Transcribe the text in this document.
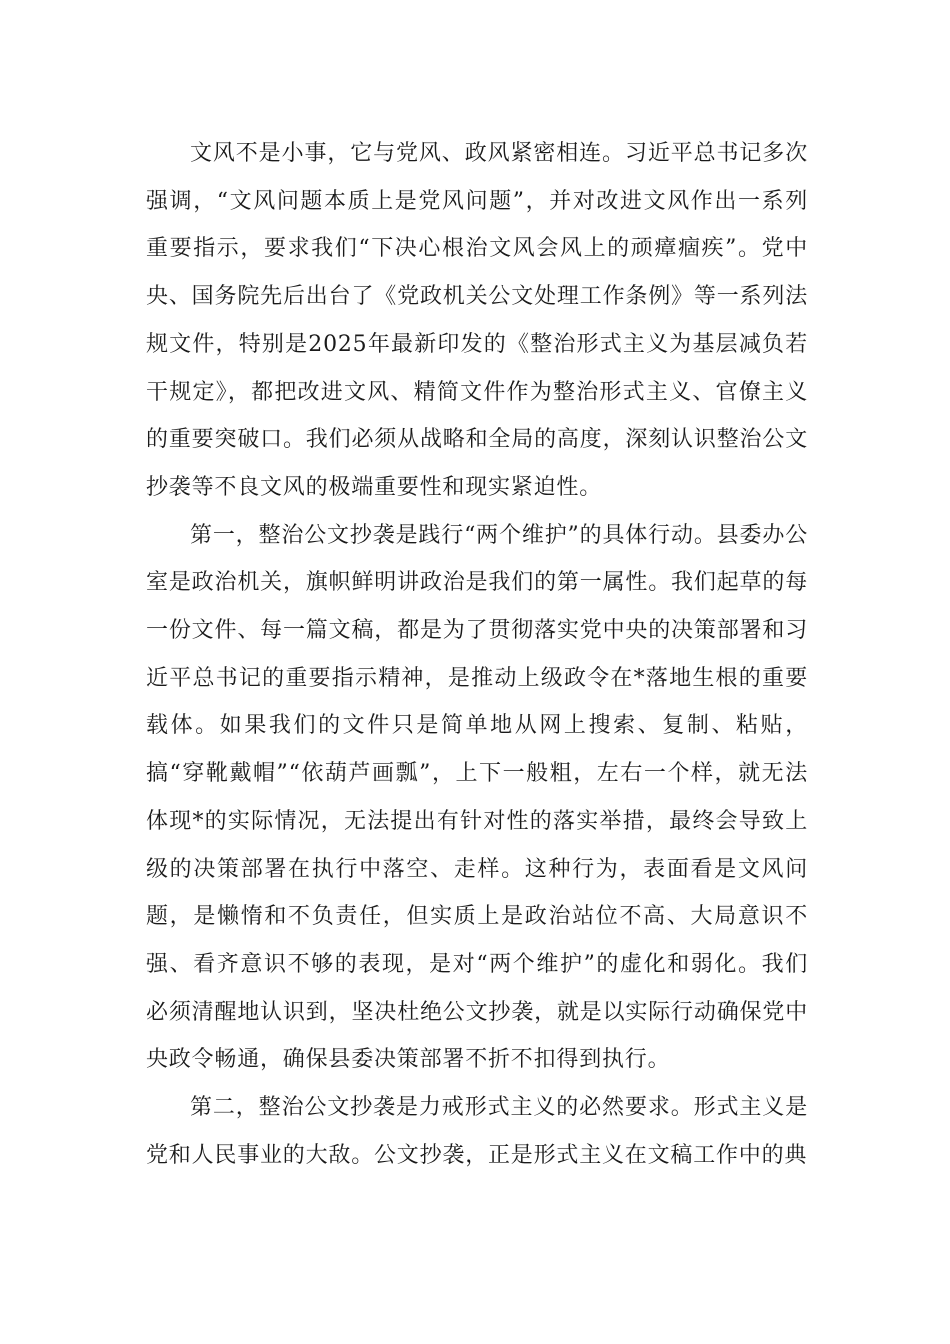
文风不是小事，它与党风、政风紧密相连。习近平总书记多次强调，“文风问题本质上是党风问题”，并对改进文风作出一系列重要指示，要求我们“下决心根治文风会风上的顽瘴痼疾”。党中央、国务院先后出台了《党政机关公文处理工作条例》等一系列法规文件，特别是2025年最新印发的《整治形式主义为基层减负若干规定》，都把改进文风、精简文件作为整治形式主义、官僚主义的重要突破口。我们必须从战略和全局的高度，深刻认识整治公文抄袭等不良文风的极端重要性和现实紧迫性。

第一，整治公文抄袭是践行“两个维护”的具体行动。县委办公室是政治机关，旗帜鲜明讲政治是我们的第一属性。我们起草的每一份文件、每一篇文稿，都是为了贯彻落实党中央的决策部署和习近平总书记的重要指示精神，是推动上级政令在*落地生根的重要载体。如果我们的文件只是简单地从网上搜索、复制、粘贴，搞“穿靴戴帽”“依葫芦画瓢”，上下一般粗，左右一个样，就无法体现*的实际情况，无法提出有针对性的落实举措，最终会导致上级的决策部署在执行中落空、走样。这种行为，表面看是文风问题，是懒惰和不负责任，但实质上是政治站位不高、大局意识不强、看齐意识不够的表现，是对“两个维护”的虚化和弱化。我们必须清醒地认识到，坚决杜绝公文抄袭，就是以实际行动确保党中央政令畅通，确保县委决策部署不折不扣得到执行。

第二，整治公文抄袭是力戒形式主义的必然要求。形式主义是党和人民事业的大敌。公文抄袭，正是形式主义在文稿工作中的典
